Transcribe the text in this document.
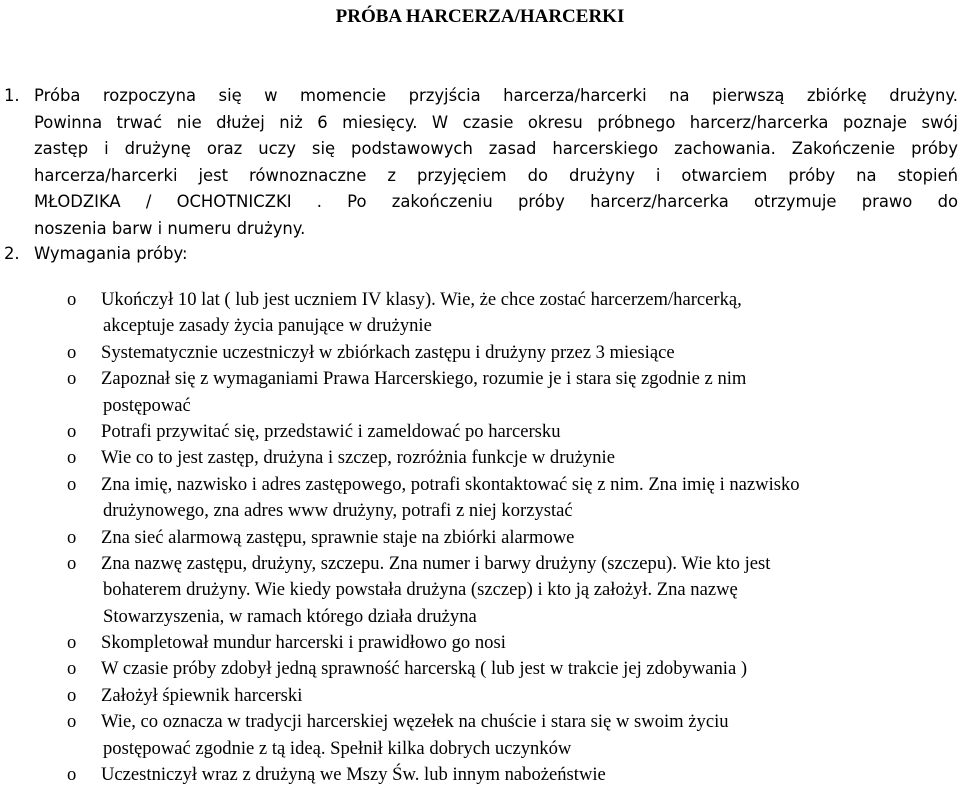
PRÓBA HARCERZA/HARCERKI
1. Próba rozpoczyna się w momencie przyjścia harcerza/harcerki na pierwszą zbiórkę drużyny.
Powinna trwać nie dłużej niż 6 miesięcy. W czasie okresu próbnego harcerz/harcerka poznaje swój
zastęp i drużynę oraz uczy się podstawowych zasad harcerskiego zachowania. Zakończenie próby
harcerza/harcerki jest równoznaczne z przyjęciem do drużyny i otwarciem próby na stopień
MŁODZIKA / OCHOTNICZKI . Po zakończeniu próby harcerz/harcerka otrzymuje prawo do
noszenia barw i numeru drużyny.
2. Wymagania próby:
o Ukończył 10 lat ( lub jest uczniem IV klasy). Wie, że chce zostać harcerzem/harcerką,
akceptuje zasady życia panujące w drużynie
o Systematycznie uczestniczył w zbiórkach zastępu i drużyny przez 3 miesiące
o Zapoznał się z wymaganiami Prawa Harcerskiego, rozumie je i stara się zgodnie z nim
postępować
o Potrafi przywitać się, przedstawić i zameldować po harcersku
o Wie co to jest zastęp, drużyna i szczep, rozróżnia funkcje w drużynie
o Zna imię, nazwisko i adres zastępowego, potrafi skontaktować się z nim. Zna imię i nazwisko
drużynowego, zna adres www drużyny, potrafi z niej korzystać
o Zna sieć alarmową zastępu, sprawnie staje na zbiórki alarmowe
o Zna nazwę zastępu, drużyny, szczepu. Zna numer i barwy drużyny (szczepu). Wie kto jest
bohaterem drużyny. Wie kiedy powstała drużyna (szczep) i kto ją założył. Zna nazwę
Stowarzyszenia, w ramach którego działa drużyna
o Skompletował mundur harcerski i prawidłowo go nosi
o W czasie próby zdobył jedną sprawność harcerską ( lub jest w trakcie jej zdobywania )
o Założył śpiewnik harcerski
o Wie, co oznacza w tradycji harcerskiej węzełek na chuście i stara się w swoim życiu
postępować zgodnie z tą ideą. Spełnił kilka dobrych uczynków
o Uczestniczył wraz z drużyną we Mszy Św. lub innym nabożeństwie
